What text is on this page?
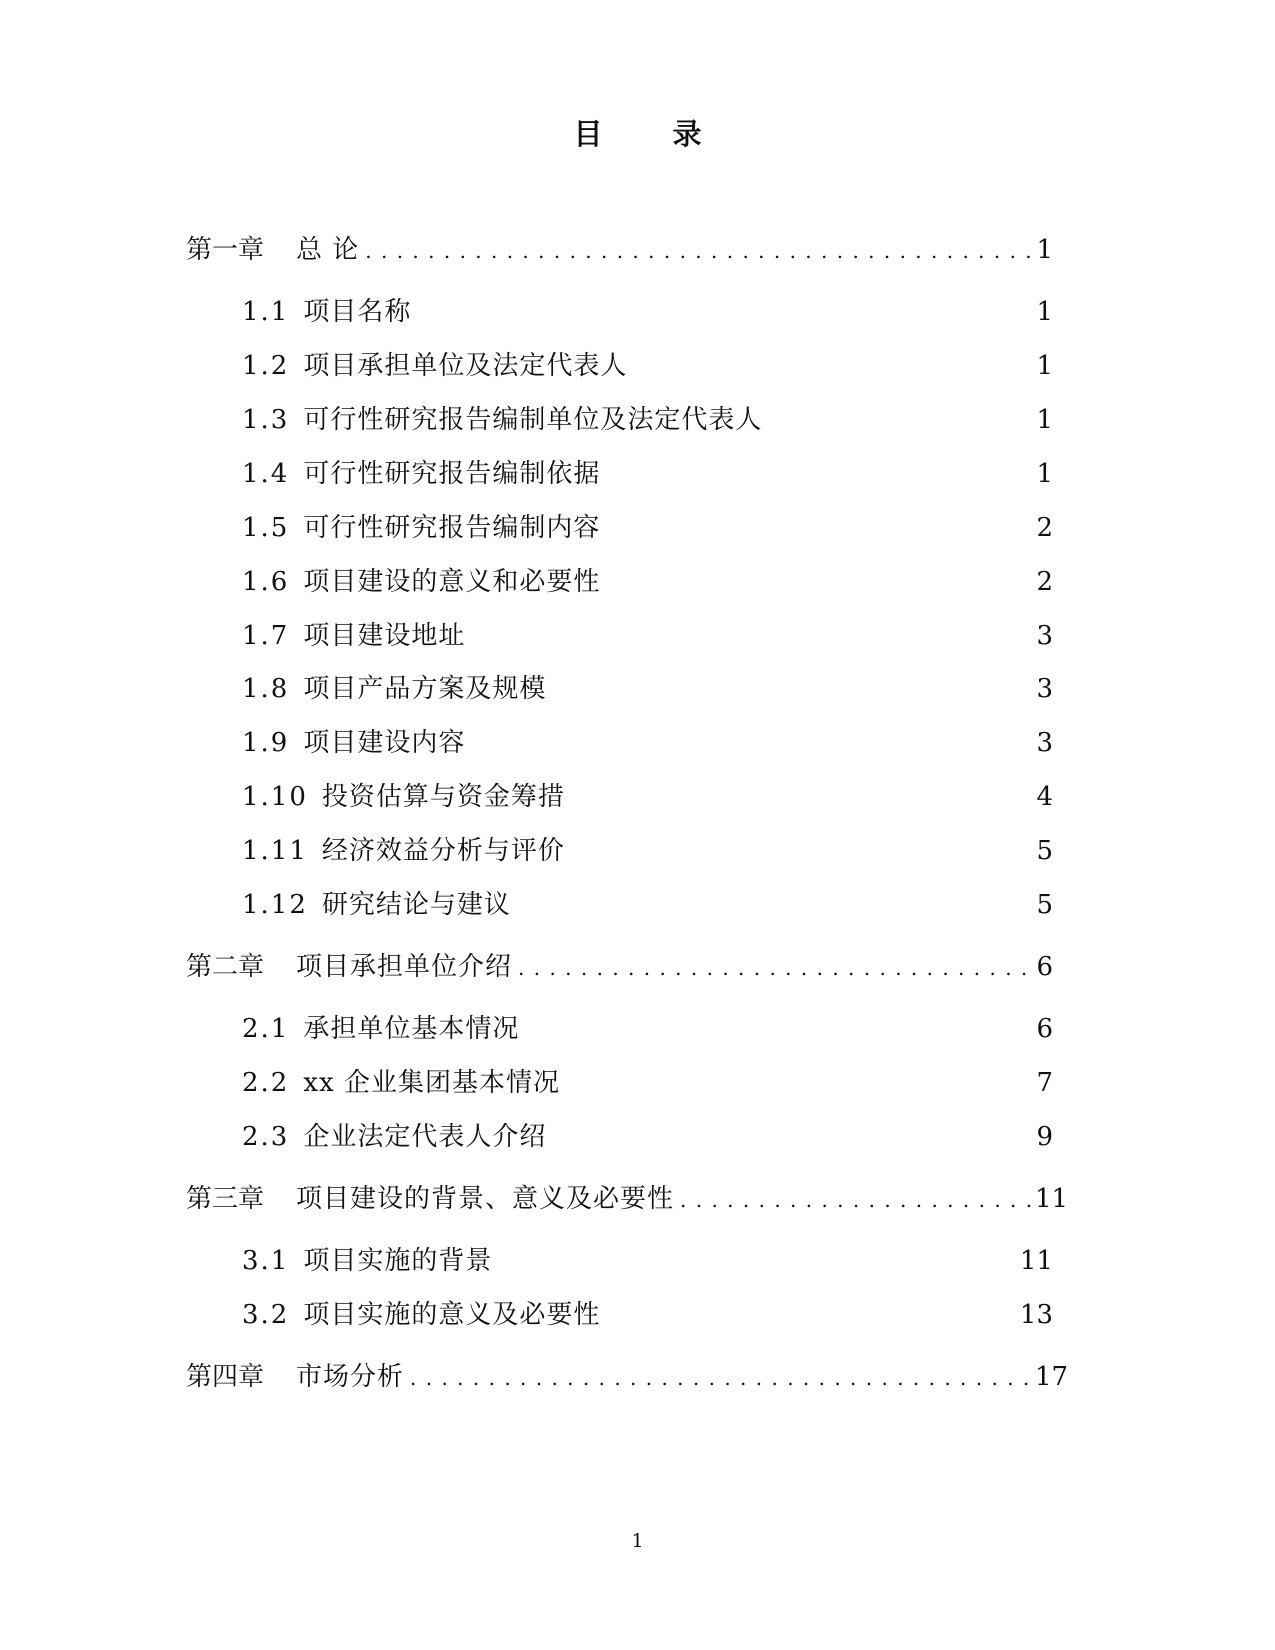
目 录
第一章 总 论 . . .	1
1.1 项目名称	1
1.2 项目承担单位及法定代表人	1
1.3 可行性研究报告编制单位及法定代表人	1
1.4 可行性研究报告编制依据	1
1.5 可行性研究报告编制内容	2
1.6 项目建设的意义和必要性	2
1.7 项目建设地址	3
1.8 项目产品方案及规模	3
1.9 项目建设内容	3
1.10 投资估算与资金筹措	4
1.11 经济效益分析与评价	5
1.12 研究结论与建议	5
第二章 项目承担单位介绍 . . .	6
2.1 承担单位基本情况	6
2.2 xx 企业集团基本情况	7
2.3 企业法定代表人介绍	9
第三章 项目建设的背景、意义及必要性 . . .	11
3.1 项目实施的背景	11
3.2 项目实施的意义及必要性	13
第四章 市场分析 . . .	17
1
